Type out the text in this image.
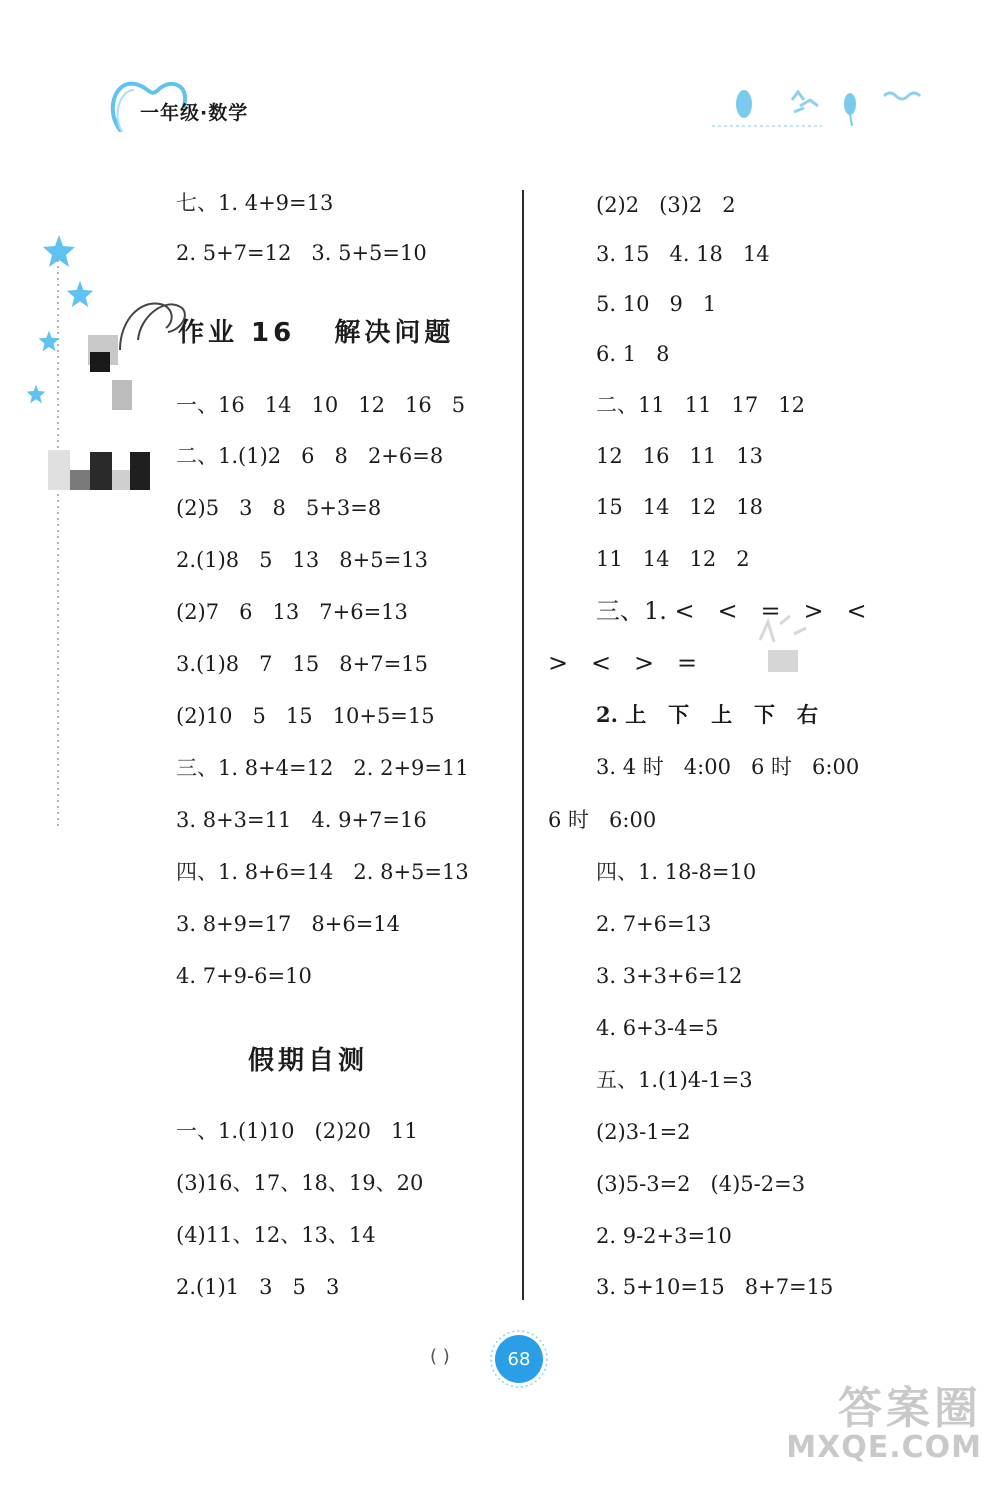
一年级·数学
七、1. 4+9=13
2. 5+7=12   3. 5+5=10
作业 16   解决问题
一、16   14   10   12   16   5
二、1.(1)2   6   8   2+6=8
(2)5   3   8   5+3=8
2.(1)8   5   13   8+5=13
(2)7   6   13   7+6=13
3.(1)8   7   15   8+7=15
(2)10   5   15   10+5=15
三、1. 8+4=12   2. 2+9=11
3. 8+3=11   4. 9+7=16
四、1. 8+6=14   2. 8+5=13
3. 8+9=17   8+6=14
4. 7+9-6=10
假期自测
一、1.(1)10   (2)20   11
(3)16、17、18、19、20
(4)11、12、13、14
2.(1)1   3   5   3
(2)2   (3)2   2
3. 15   4. 18   14
5. 10   9   1
6. 1   8
二、11   11   17   12
12   16   11   13
15   14   12   18
11   14   12   2
三、1. <   <   =   >   <
>   <   >   =
2. 上   下   上   下   右
3. 4 时   4:00   6 时   6:00
6 时   6:00
四、1. 18-8=10
2. 7+6=13
3. 3+3+6=12
4. 6+3-4=5
五、1.(1)4-1=3
(2)3-1=2
(3)5-3=2   (4)5-2=3
2. 9-2+3=10
3. 5+10=15   8+7=15
( )	68
答案圈
MXQE.COM
